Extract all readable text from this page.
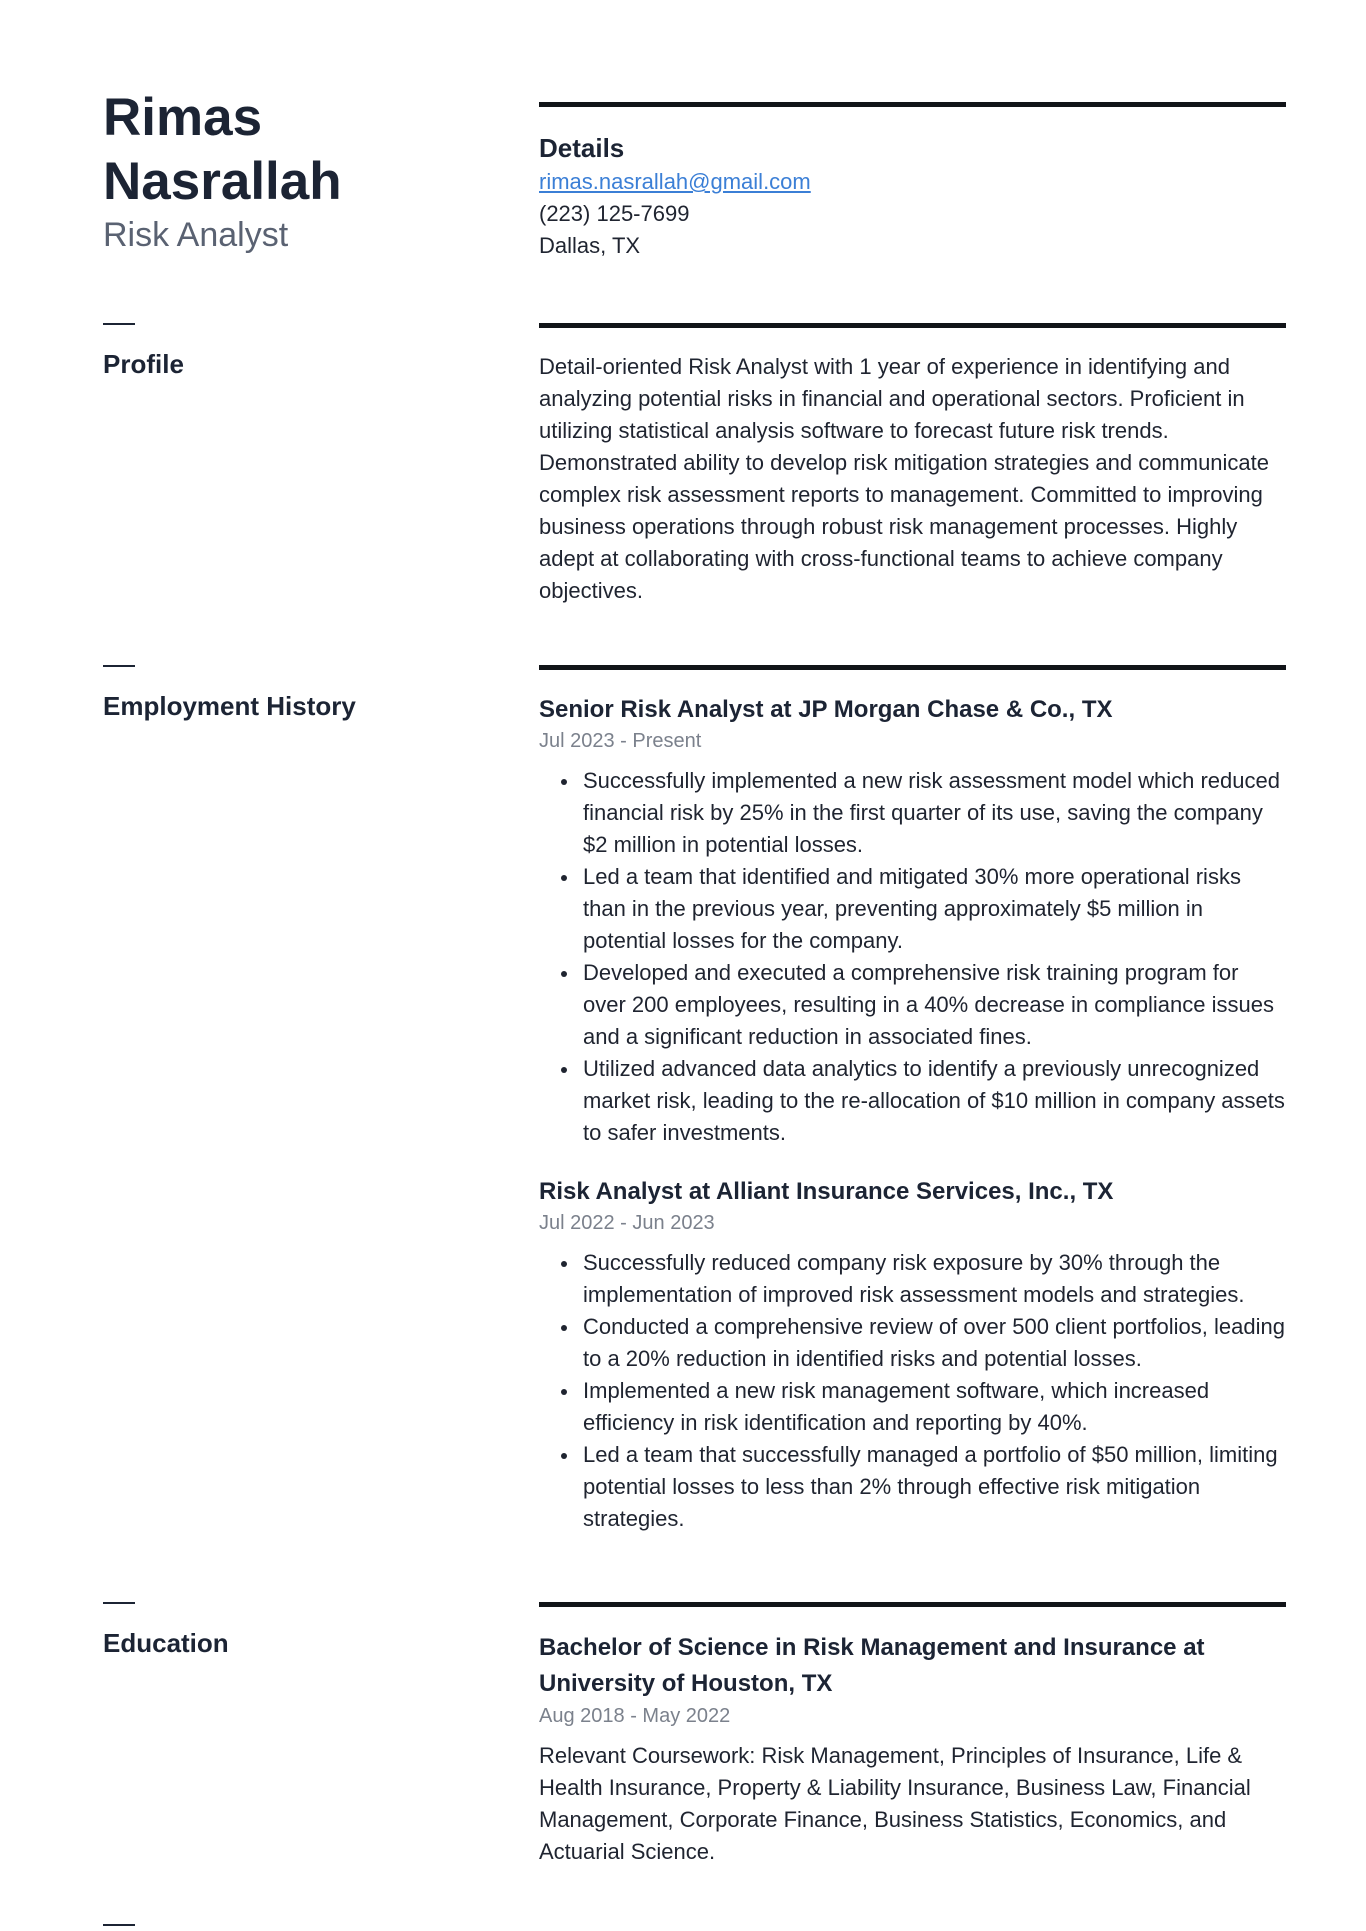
Rimas
Nasrallah
Risk Analyst
Details
rimas.nasrallah@gmail.com
(223) 125-7699
Dallas, TX
Profile	Detail-oriented Risk Analyst with 1 year of experience in identifying and analyzing potential risks in financial and operational sectors. Proficient in utilizing statistical analysis software to forecast future risk trends. Demonstrated ability to develop risk mitigation strategies and communicate complex risk assessment reports to management. Committed to improving business operations through robust risk management processes. Highly adept at collaborating with cross-functional teams to achieve company objectives.
Employment History	Senior Risk Analyst at JP Morgan Chase & Co., TX
Jul 2023 - Present
Successfully implemented a new risk assessment model which reduced financial risk by 25% in the first quarter of its use, saving the company $2 million in potential losses.
Led a team that identified and mitigated 30% more operational risks than in the previous year, preventing approximately $5 million in potential losses for the company.
Developed and executed a comprehensive risk training program for over 200 employees, resulting in a 40% decrease in compliance issues and a significant reduction in associated fines.
Utilized advanced data analytics to identify a previously unrecognized market risk, leading to the re-allocation of $10 million in company assets to safer investments.
Risk Analyst at Alliant Insurance Services, Inc., TX
Jul 2022 - Jun 2023
Successfully reduced company risk exposure by 30% through the implementation of improved risk assessment models and strategies.
Conducted a comprehensive review of over 500 client portfolios, leading to a 20% reduction in identified risks and potential losses.
Implemented a new risk management software, which increased efficiency in risk identification and reporting by 40%.
Led a team that successfully managed a portfolio of $50 million, limiting potential losses to less than 2% through effective risk mitigation strategies.
Education	Bachelor of Science in Risk Management and Insurance at University of Houston, TX
Aug 2018 - May 2022
Relevant Coursework: Risk Management, Principles of Insurance, Life & Health Insurance, Property & Liability Insurance, Business Law, Financial Management, Corporate Finance, Business Statistics, Economics, and Actuarial Science.
